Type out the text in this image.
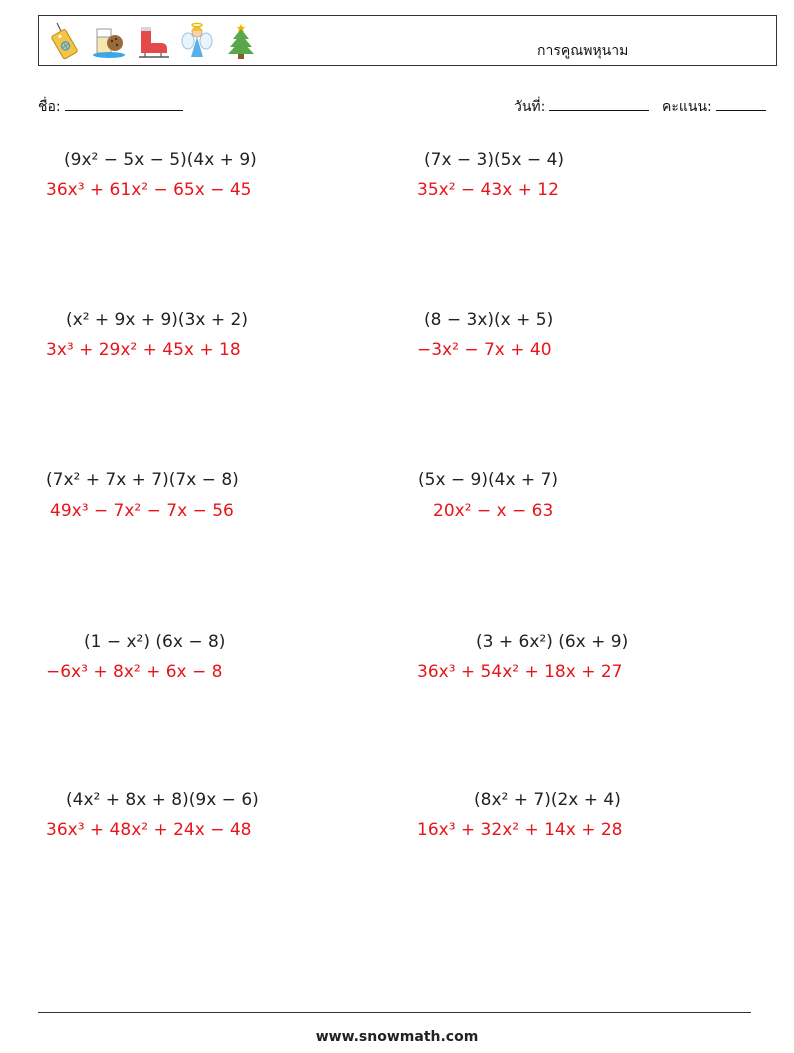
การคูณพหุนาม
ชื่อ:	วันที่:	คะแนน:
(9x² − 5x − 5)(4x + 9)
36x³ + 61x² − 65x − 45
(7x − 3)(5x − 4)
35x² − 43x + 12
(x² + 9x + 9)(3x + 2)
3x³ + 29x² + 45x + 18
(8 − 3x)(x + 5)
−3x² − 7x + 40
(7x² + 7x + 7)(7x − 8)
49x³ − 7x² − 7x − 56
(5x − 9)(4x + 7)
20x² − x − 63
(1 − x²) (6x − 8)
−6x³ + 8x² + 6x − 8
(3 + 6x²) (6x + 9)
36x³ + 54x² + 18x + 27
(4x² + 8x + 8)(9x − 6)
36x³ + 48x² + 24x − 48
(8x² + 7)(2x + 4)
16x³ + 32x² + 14x + 28
www.snowmath.com
